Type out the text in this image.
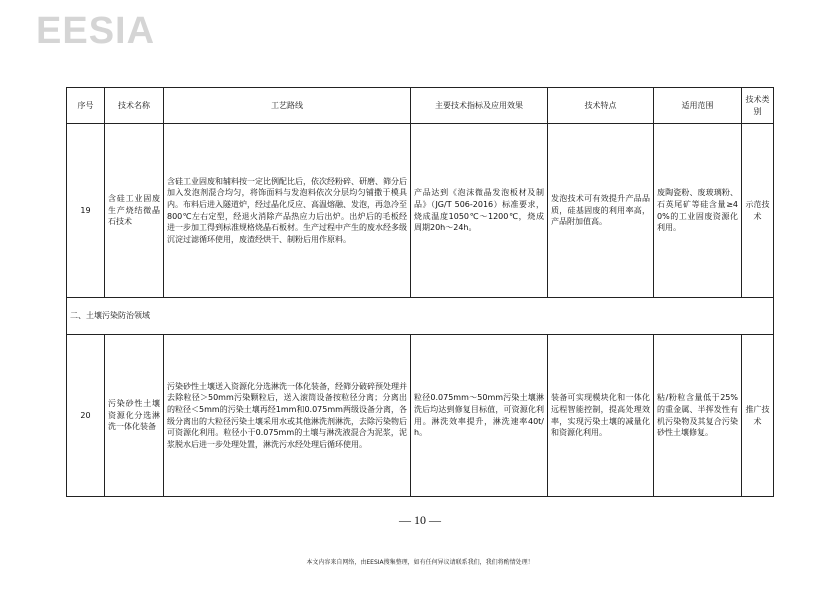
EESIA
序号	技术名称	工艺路线	主要技术指标及应用效果	技术特点	适用范围	技术类别
19	含硅工业固废生产烧结微晶石技术	含硅工业固废和辅料按一定比例配比后，依次经粉碎、研磨、筛分后加入发泡剂混合均匀，将饰面料与发泡料依次分层均匀铺撒于模具内。布料后进入隧道炉，经过晶化反应、高温熔融、发泡，再急冷至800℃左右定型，经退火消除产品热应力后出炉。出炉后的毛板经进一步加工得到标准规格烧晶石板材。生产过程中产生的废水经多级沉淀过滤循环使用，废渣经烘干、制粉后用作原料。	产品达到《泡沫微晶发泡板材及制品》（JG/T 506-2016）标准要求，烧成温度1050℃～1200℃，烧成周期20h～24h。	发泡技术可有效提升产品品质，硅基固废的利用率高，产品附加值高。	废陶瓷粉、废玻璃粉、石英尾矿等硅含量≥40%的工业固废资源化利用。	示范技术
二、土壤污染防治领域						
20	污染砂性土壤资源化分选淋洗一体化装备	污染砂性土壤送入资源化分选淋洗一体化装备，经筛分破碎预处理并去除粒径＞50mm污染颗粒后，送入滚筒设备按粒径分离；分离出的粒径＜5mm的污染土壤再经1mm和0.075mm两级设备分离，各级分离出的大粒径污染土壤采用水或其他淋洗剂淋洗，去除污染物后可资源化利用。粒径小于0.075mm的土壤与淋洗液混合为泥浆，泥浆脱水后进一步处理处置，淋洗污水经处理后循环使用。	粒径0.075mm～50mm污染土壤淋洗后均达到修复目标值，可资源化利用。淋洗效率提升，淋洗速率40t/h。	装备可实现模块化和一体化远程智能控制，提高处理效率，实现污染土壤的减量化和资源化利用。	粘/粉粒含量低于25%的重金属、半挥发性有机污染物及其复合污染砂性土壤修复。	推广技术
— 10 —
本文内容来自网络，由EESIA搜集整理，如有任何异议请联系我们，我们将酌情处理！
